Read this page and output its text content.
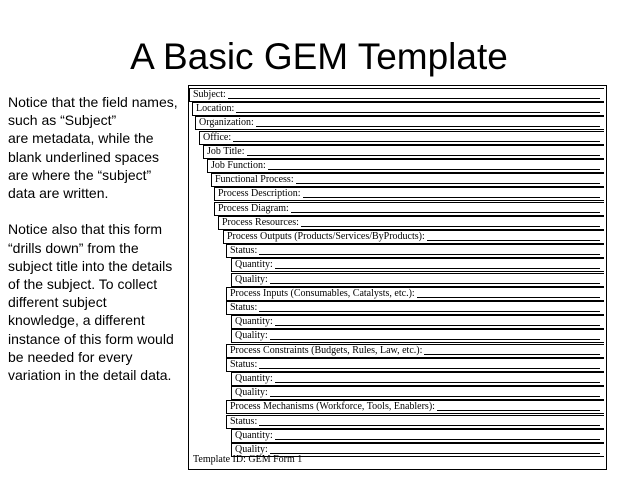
A Basic GEM Template
Notice that the field names, such as “Subject”
are metadata, while the blank underlined spaces are where the “subject” data are written.

Notice also that this form “drills down” from the subject title into the details of the subject. To collect different subject knowledge, a different instance of this form would be needed for every variation in the detail data.
Subject:
Location:
Organization:
Office:
Job Title:
Job Function:
Functional Process:
Process Description:
Process Diagram:
Process Resources:
Process Outputs (Products/Services/ByProducts):
Status:
Quantity:
Quality:
Process Inputs (Consumables, Catalysts, etc.):
Status:
Quantity:
Quality:
Process Constraints (Budgets, Rules, Law, etc.):
Status:
Quantity:
Quality:
Process Mechanisms (Workforce, Tools, Enablers):
Status:
Quantity:
Quality:
Template ID: GEM Form 1
